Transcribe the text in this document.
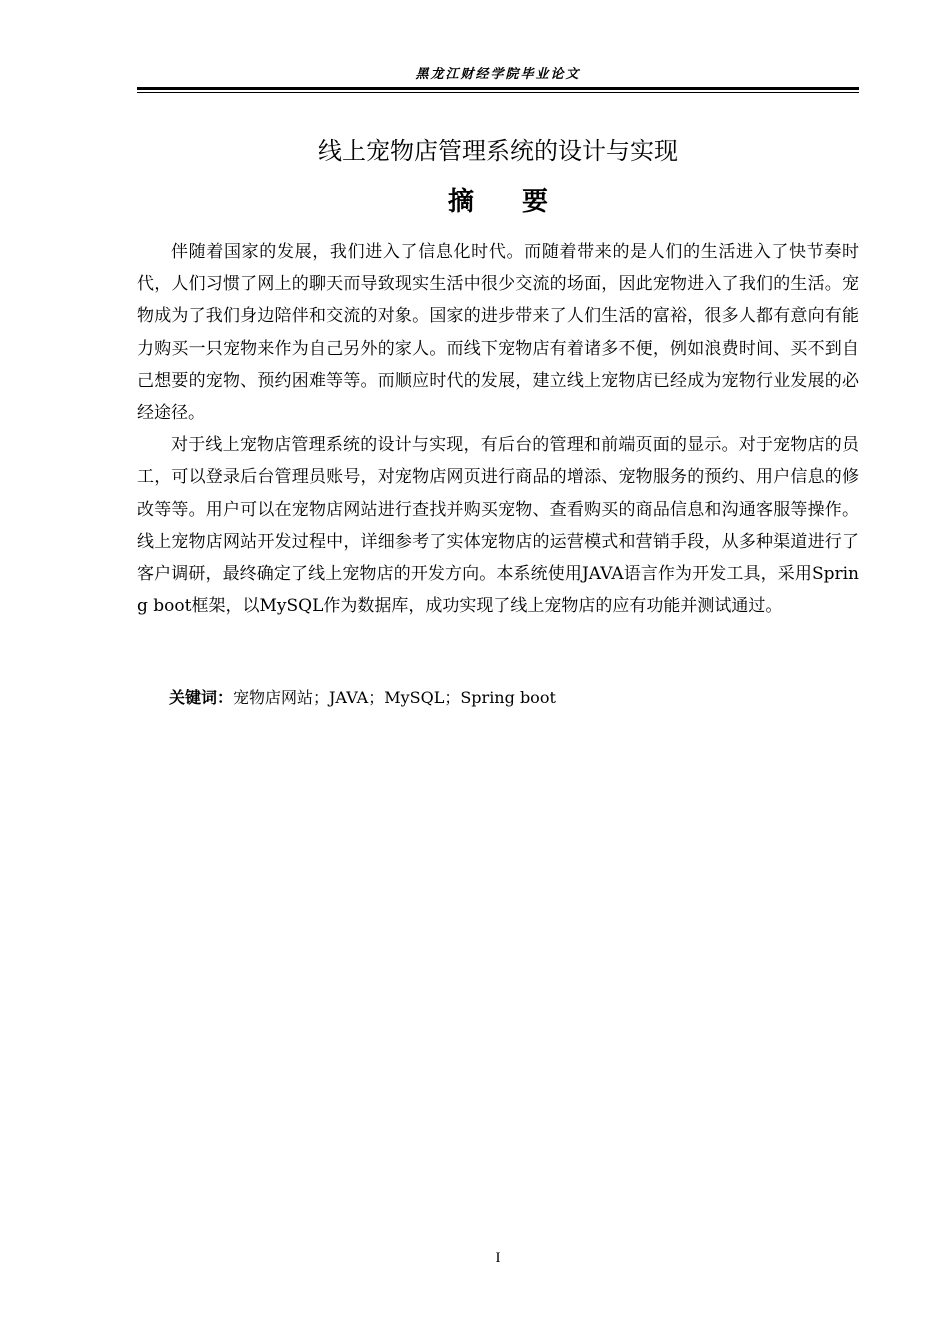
黑龙江财经学院毕业论文
线上宠物店管理系统的设计与实现
摘要

伴随着国家的发展，我们进入了信息化时代。而随着带来的是人们的生活进入了快节奏时代，人们习惯了网上的聊天而导致现实生活中很少交流的场面，因此宠物进入了我们的生活。宠物成为了我们身边陪伴和交流的对象。国家的进步带来了人们生活的富裕，很多人都有意向有能力购买一只宠物来作为自己另外的家人。而线下宠物店有着诸多不便，例如浪费时间、买不到自己想要的宠物、预约困难等等。而顺应时代的发展，建立线上宠物店已经成为宠物行业发展的必经途径。

对于线上宠物店管理系统的设计与实现，有后台的管理和前端页面的显示。对于宠物店的员工，可以登录后台管理员账号，对宠物店网页进行商品的增添、宠物服务的预约、用户信息的修改等等。用户可以在宠物店网站进行查找并购买宠物、查看购买的商品信息和沟通客服等操作。线上宠物店网站开发过程中，详细参考了实体宠物店的运营模式和营销手段，从多种渠道进行了客户调研，最终确定了线上宠物店的开发方向。本系统使用JAVA语言作为开发工具，采用Spring boot框架，以MySQL作为数据库，成功实现了线上宠物店的应有功能并测试通过。

关键词：宠物店网站；JAVA；MySQL；Spring boot
I
